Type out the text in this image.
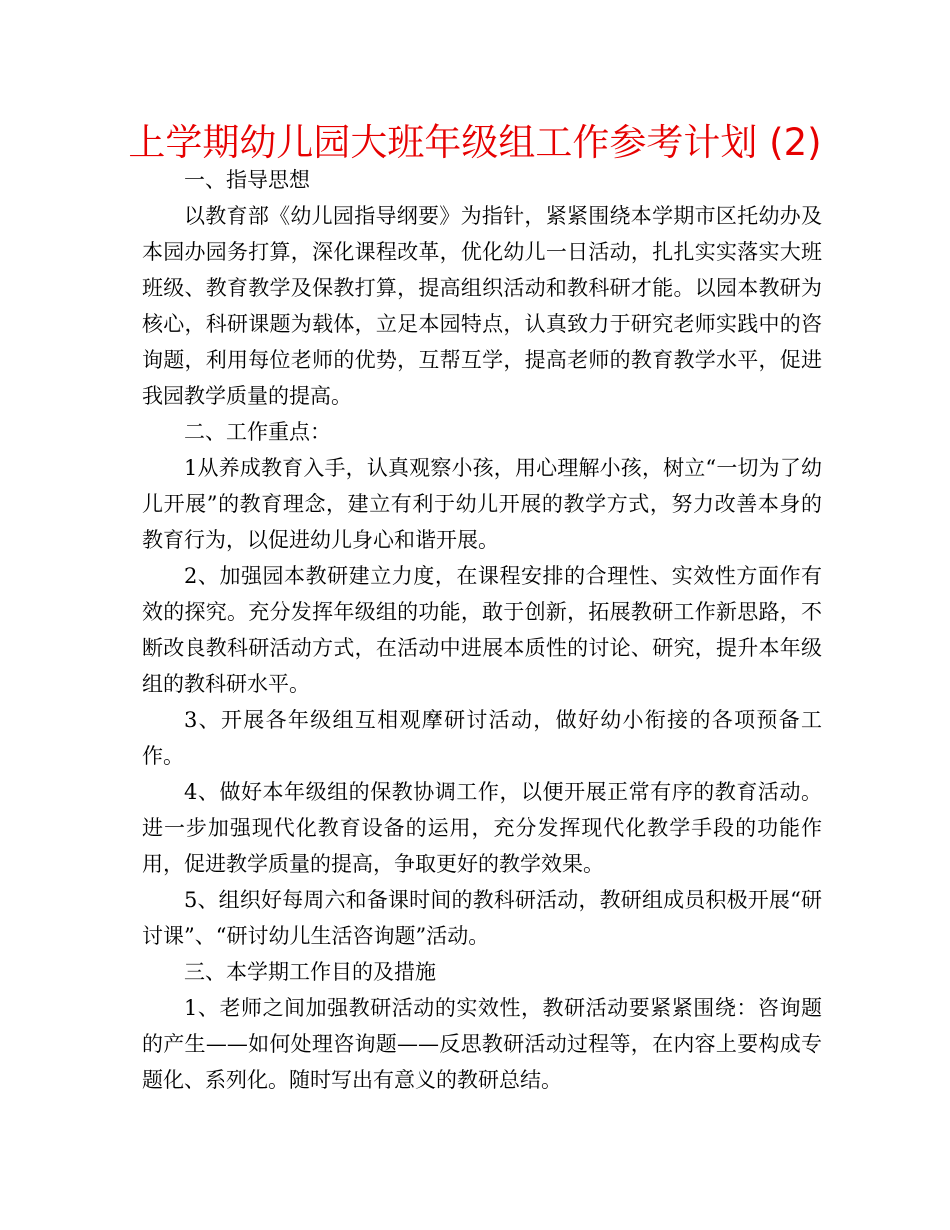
上学期幼儿园大班年级组工作参考计划 (2)

一、指导思想

以教育部《幼儿园指导纲要》为指针，紧紧围绕本学期市区托幼办及本园办园务打算，深化课程改革，优化幼儿一日活动，扎扎实实落实大班班级、教育教学及保教打算，提高组织活动和教科研才能。以园本教研为核心，科研课题为载体，立足本园特点，认真致力于研究老师实践中的咨询题，利用每位老师的优势，互帮互学，提高老师的教育教学水平，促进我园教学质量的提高。

二、工作重点：

1从养成教育入手，认真观察小孩，用心理解小孩，树立“一切为了幼儿开展”的教育理念，建立有利于幼儿开展的教学方式，努力改善本身的教育行为，以促进幼儿身心和谐开展。

2、加强园本教研建立力度，在课程安排的合理性、实效性方面作有效的探究。充分发挥年级组的功能，敢于创新，拓展教研工作新思路，不断改良教科研活动方式，在活动中进展本质性的讨论、研究，提升本年级组的教科研水平。

3、开展各年级组互相观摩研讨活动，做好幼小衔接的各项预备工作。

4、做好本年级组的保教协调工作，以便开展正常有序的教育活动。进一步加强现代化教育设备的运用，充分发挥现代化教学手段的功能作用，促进教学质量的提高，争取更好的教学效果。

5、组织好每周六和备课时间的教科研活动，教研组成员积极开展“研讨课”、“研讨幼儿生活咨询题”活动。

三、本学期工作目的及措施

1、老师之间加强教研活动的实效性，教研活动要紧紧围绕：咨询题的产生——如何处理咨询题——反思教研活动过程等，在内容上要构成专题化、系列化。随时写出有意义的教研总结。
